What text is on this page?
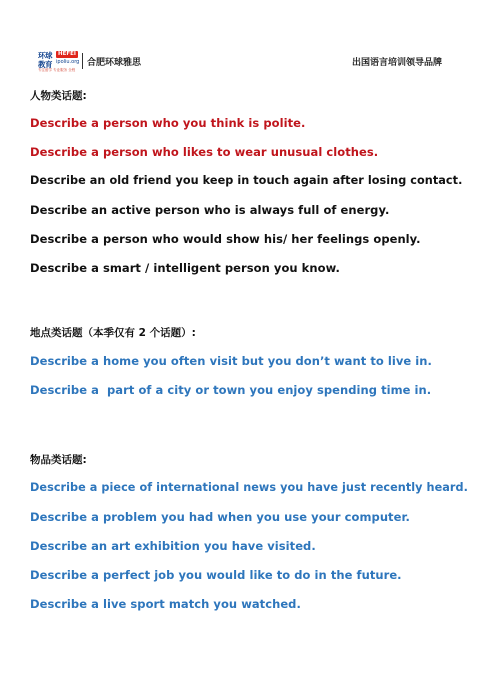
环球教育
HEFEI
ipoliu.org
专注留学 专业服务 全程
合肥环球雅思	出国语言培训领导品牌

人物类话题:

Describe a person who you think is polite.

Describe a person who likes to wear unusual clothes.

Describe an old friend you keep in touch again after losing contact.

Describe an active person who is always full of energy.

Describe a person who would show his/ her feelings openly.

Describe a smart / intelligent person you know.

地点类话题（本季仅有 2 个话题）:

Describe a home you often visit but you don’t want to live in.

Describe a  part of a city or town you enjoy spending time in.

物品类话题:

Describe a piece of international news you have just recently heard.

Describe a problem you had when you use your computer.

Describe an art exhibition you have visited.

Describe a perfect job you would like to do in the future.

Describe a live sport match you watched.
